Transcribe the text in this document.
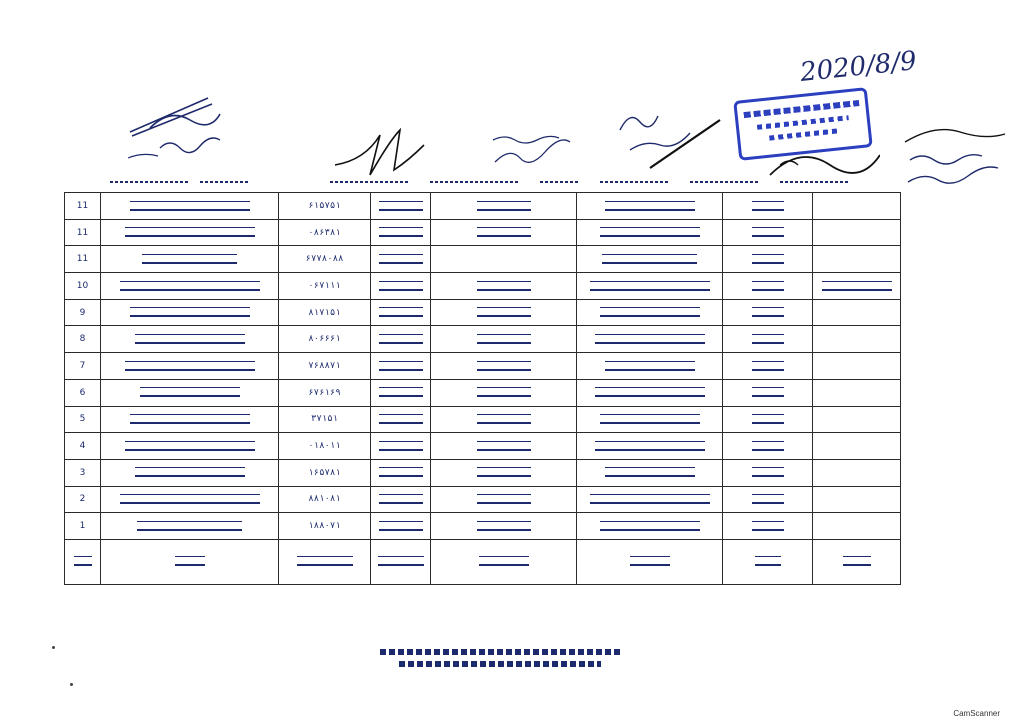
2020/8/9
11		۶۱۵۷۵۱					
11		۰۸۶۳۸۱					
11		۶۷۷۸۰۸۸					
10		۰۶۷۱۱۱					
9		۸۱۷۱۵۱					
8		۸۰۶۶۶۱					
7		۷۶۸۸۷۱					
6		۶۷۶۱۶۹					
5		۳۷۱۵۱					
4		۰۱۸۰۱۱					
3		۱۶۵۷۸۱					
2		۸۸۱۰۸۱					
1		۱۸۸۰۷۱					

CamScanner
